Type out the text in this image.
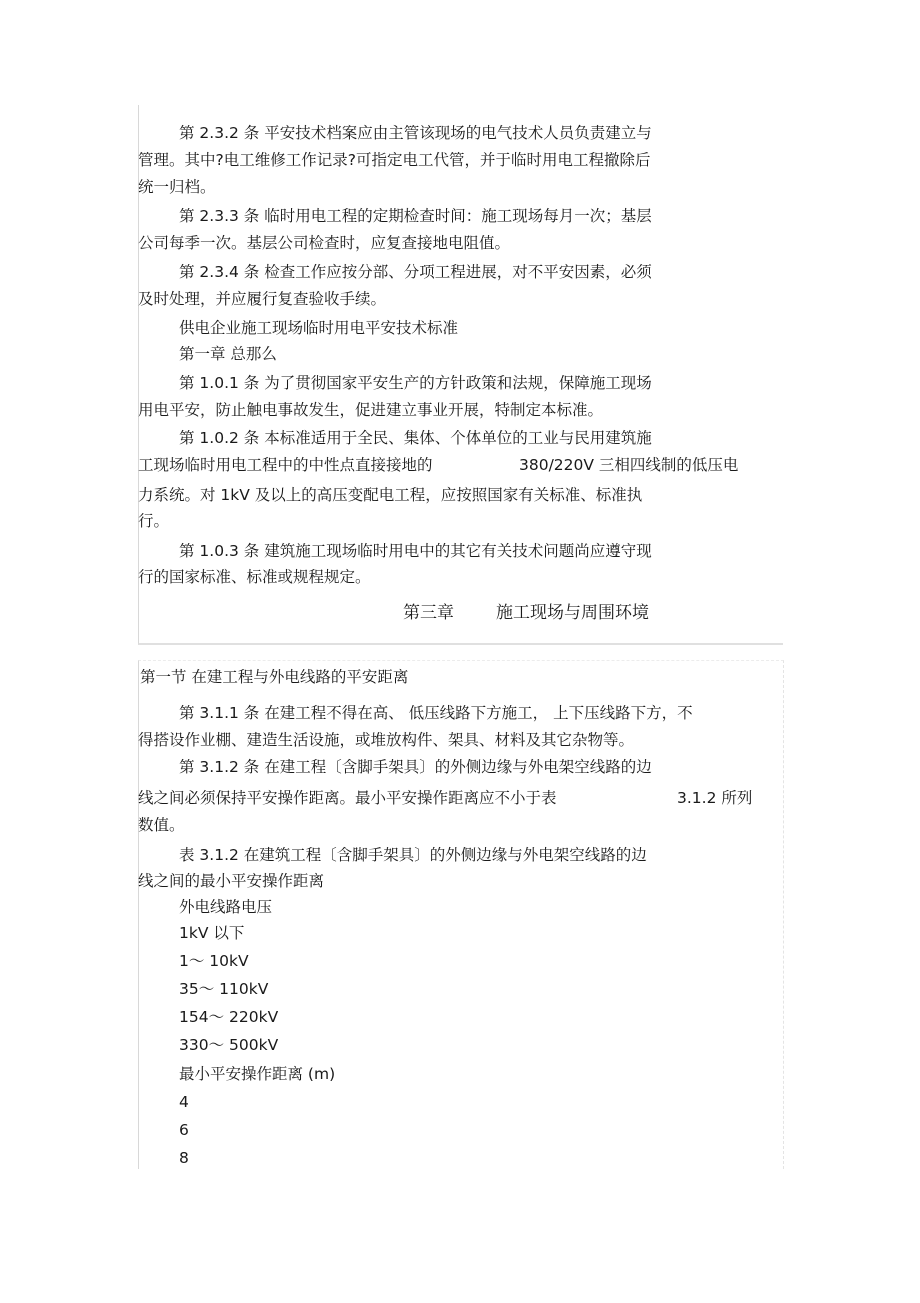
第 2.3.2 条 平安技术档案应由主管该现场的电气技术人员负责建立与
管理。其中?电工维修工作记录?可指定电工代管，并于临时用电工程撤除后
统一归档。
第 2.3.3 条 临时用电工程的定期检查时间：施工现场每月一次；基层
公司每季一次。基层公司检查时，应复查接地电阻值。
第 2.3.4 条 检查工作应按分部、分项工程进展，对不平安因素，必须
及时处理，并应履行复查验收手续。
供电企业施工现场临时用电平安技术标准
第一章 总那么
第 1.0.1 条 为了贯彻国家平安生产的方针政策和法规，保障施工现场
用电平安，防止触电事故发生，促进建立事业开展，特制定本标准。
第 1.0.2 条 本标准适用于全民、集体、个体单位的工业与民用建筑施
工现场临时用电工程中的中性点直接接地的	380/220V 三相四线制的低压电
力系统。对 1kV 及以上的高压变配电工程，应按照国家有关标准、标准执
行。
第 1.0.3 条 建筑施工现场临时用电中的其它有关技术问题尚应遵守现
行的国家标准、标准或规程规定。
第三章 施工现场与周围环境
第一节 在建工程与外电线路的平安距离
第 3.1.1 条 在建工程不得在高、 低压线路下方施工， 上下压线路下方，不
得搭设作业棚、建造生活设施，或堆放构件、架具、材料及其它杂物等。
第 3.1.2 条 在建工程〔含脚手架具〕的外侧边缘与外电架空线路的边
线之间必须保持平安操作距离。最小平安操作距离应不小于表	3.1.2 所列
数值。
表 3.1.2 在建筑工程〔含脚手架具〕的外侧边缘与外电架空线路的边
线之间的最小平安操作距离
外电线路电压
1kV 以下
1～ 10kV
35～ 110kV
154～ 220kV
330～ 500kV
最小平安操作距离 (m)
4
6
8
